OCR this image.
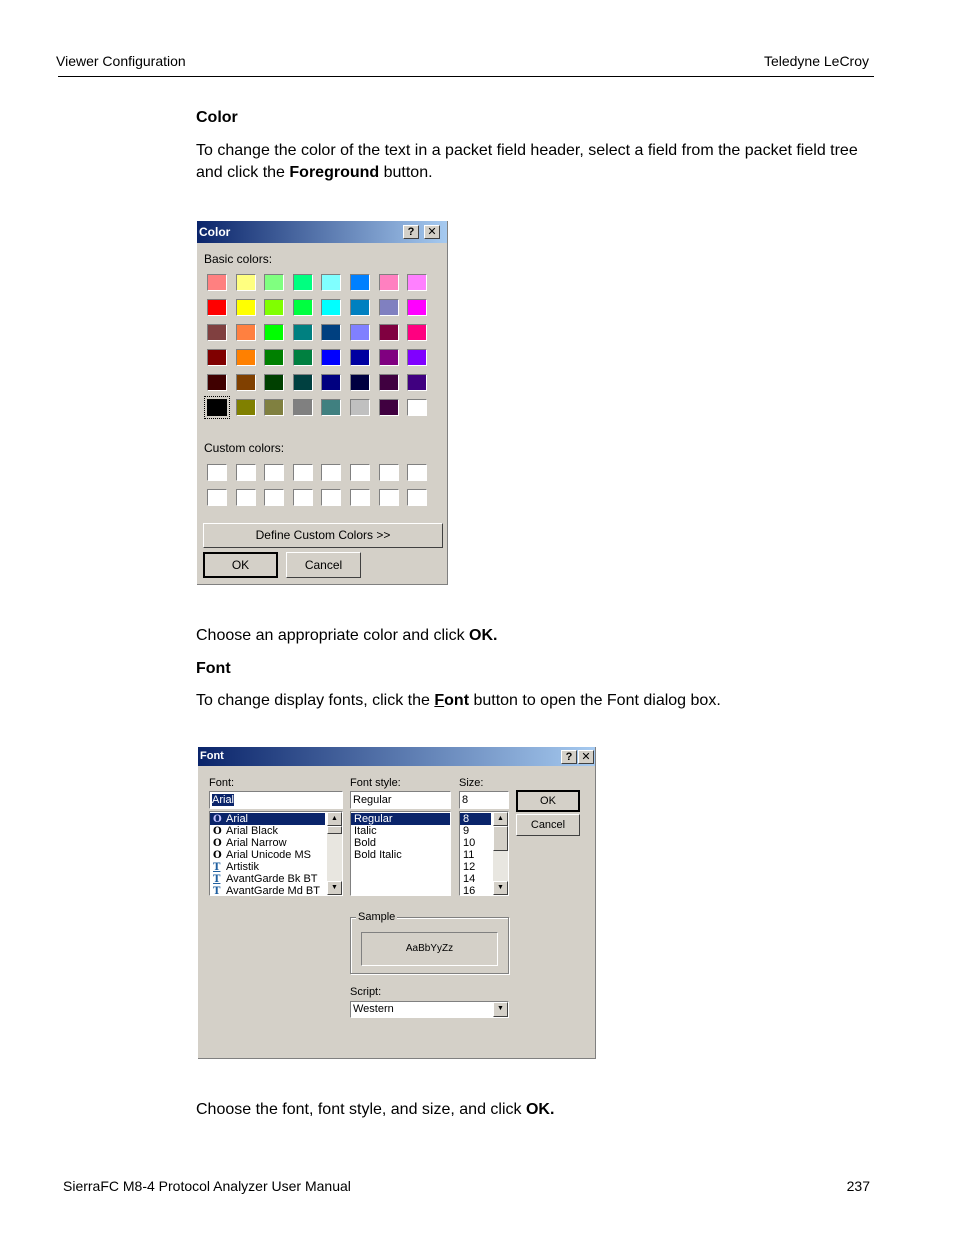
Viewer Configuration	Teledyne LeCroy
Color
To change the color of the text in a packet field header, select a field from the packet field tree and click the Foreground button.
Color	?	✕
Basic colors:
Custom colors:
Define Custom Colors >>
OK	Cancel
Choose an appropriate color and click OK.
Font
To change display fonts, click the Font button to open the Font dialog box.
Font	? ✕
Font:
Arial
O Arial
O Arial Black
O Arial Narrow
O Arial Unicode MS
T Artistik
T AvantGarde Bk BT
T AvantGarde Md BT
▲
▼
Font style:
Regular
Regular
Italic
Bold
Bold Italic
Size:
8
8
9
10
11
12
14
16
▲
▼
OK
Cancel
Sample
AaBbYyZz
Script:
Western	▼
Choose the font, font style, and size, and click OK.
SierraFC M8-4 Protocol Analyzer User Manual	237
